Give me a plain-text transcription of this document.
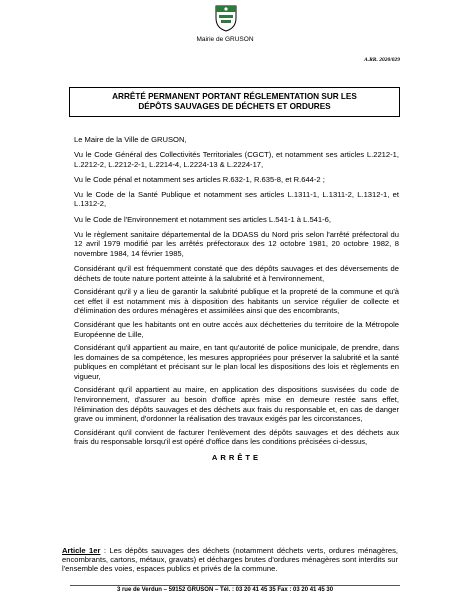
Mairie de GRUSON
A.RR. 2020/029
ARRÊTÉ PERMANENT PORTANT RÉGLEMENTATION SUR LES
DÉPÔTS SAUVAGES DE DÉCHETS ET ORDURES

Le Maire de la Ville de GRUSON,

Vu le Code Général des Collectivités Territoriales (CGCT), et notamment ses articles L.2212-1, L.2212-2, L.2212-2-1, L.2214-4, L.2224-13 & L.2224-17,

Vu le Code pénal et notamment ses articles R.632-1, R.635-8, et R.644-2 ;

Vu le Code de la Santé Publique et notamment ses articles L.1311-1, L.1311-2, L.1312-1, et L.1312-2,

Vu le Code de l'Environnement et notamment ses articles L.541-1 à L.541-6,

Vu le règlement sanitaire départemental de la DDASS du Nord pris selon l'arrêté préfectoral du 12 avril 1979 modifié par les arrêtés préfectoraux des 12 octobre 1981, 20 octobre 1982, 8 novembre 1984, 14 février 1985,

Considérant qu'il est fréquemment constaté que des dépôts sauvages et des déversements de déchets de toute nature portent atteinte à la salubrité et à l'environnement,

Considérant qu'il y a lieu de garantir la salubrité publique et la propreté de la commune et qu'à cet effet il est notamment mis à disposition des habitants un service régulier de collecte et d'élimination des ordures ménagères et assimilées ainsi que des encombrants,

Considérant que les habitants ont en outre accès aux déchetteries du territoire de la Métropole Européenne de Lille,

Considérant qu'il appartient au maire, en tant qu'autorité de police municipale, de prendre, dans les domaines de sa compétence, les mesures appropriées pour préserver la salubrité et la santé publiques en complétant et précisant sur le plan local les dispositions des lois et règlements en vigueur,

Considérant qu'il appartient au maire, en application des dispositions susvisées du code de l'environnement, d'assurer au besoin d'office après mise en demeure restée sans effet, l'élimination des dépôts sauvages et des déchets aux frais du responsable et, en cas de danger grave ou imminent, d'ordonner la réalisation des travaux exigés par les circonstances,

Considérant qu'il convient de facturer l'enlèvement des dépôts sauvages et des déchets aux frais du responsable lorsqu'il est opéré d'office dans les conditions précisées ci-dessus,

ARRÊTE
Article 1er : Les dépôts sauvages des déchets (notamment déchets verts, ordures ménagères, encombrants, cartons, métaux, gravats) et décharges brutes d'ordures ménagères sont interdits sur l'ensemble des voies, espaces publics et privés de la commune.
3 rue de Verdun – 59152 GRUSON – Tél. : 03 20 41 45 35 Fax : 03 20 41 45 30
